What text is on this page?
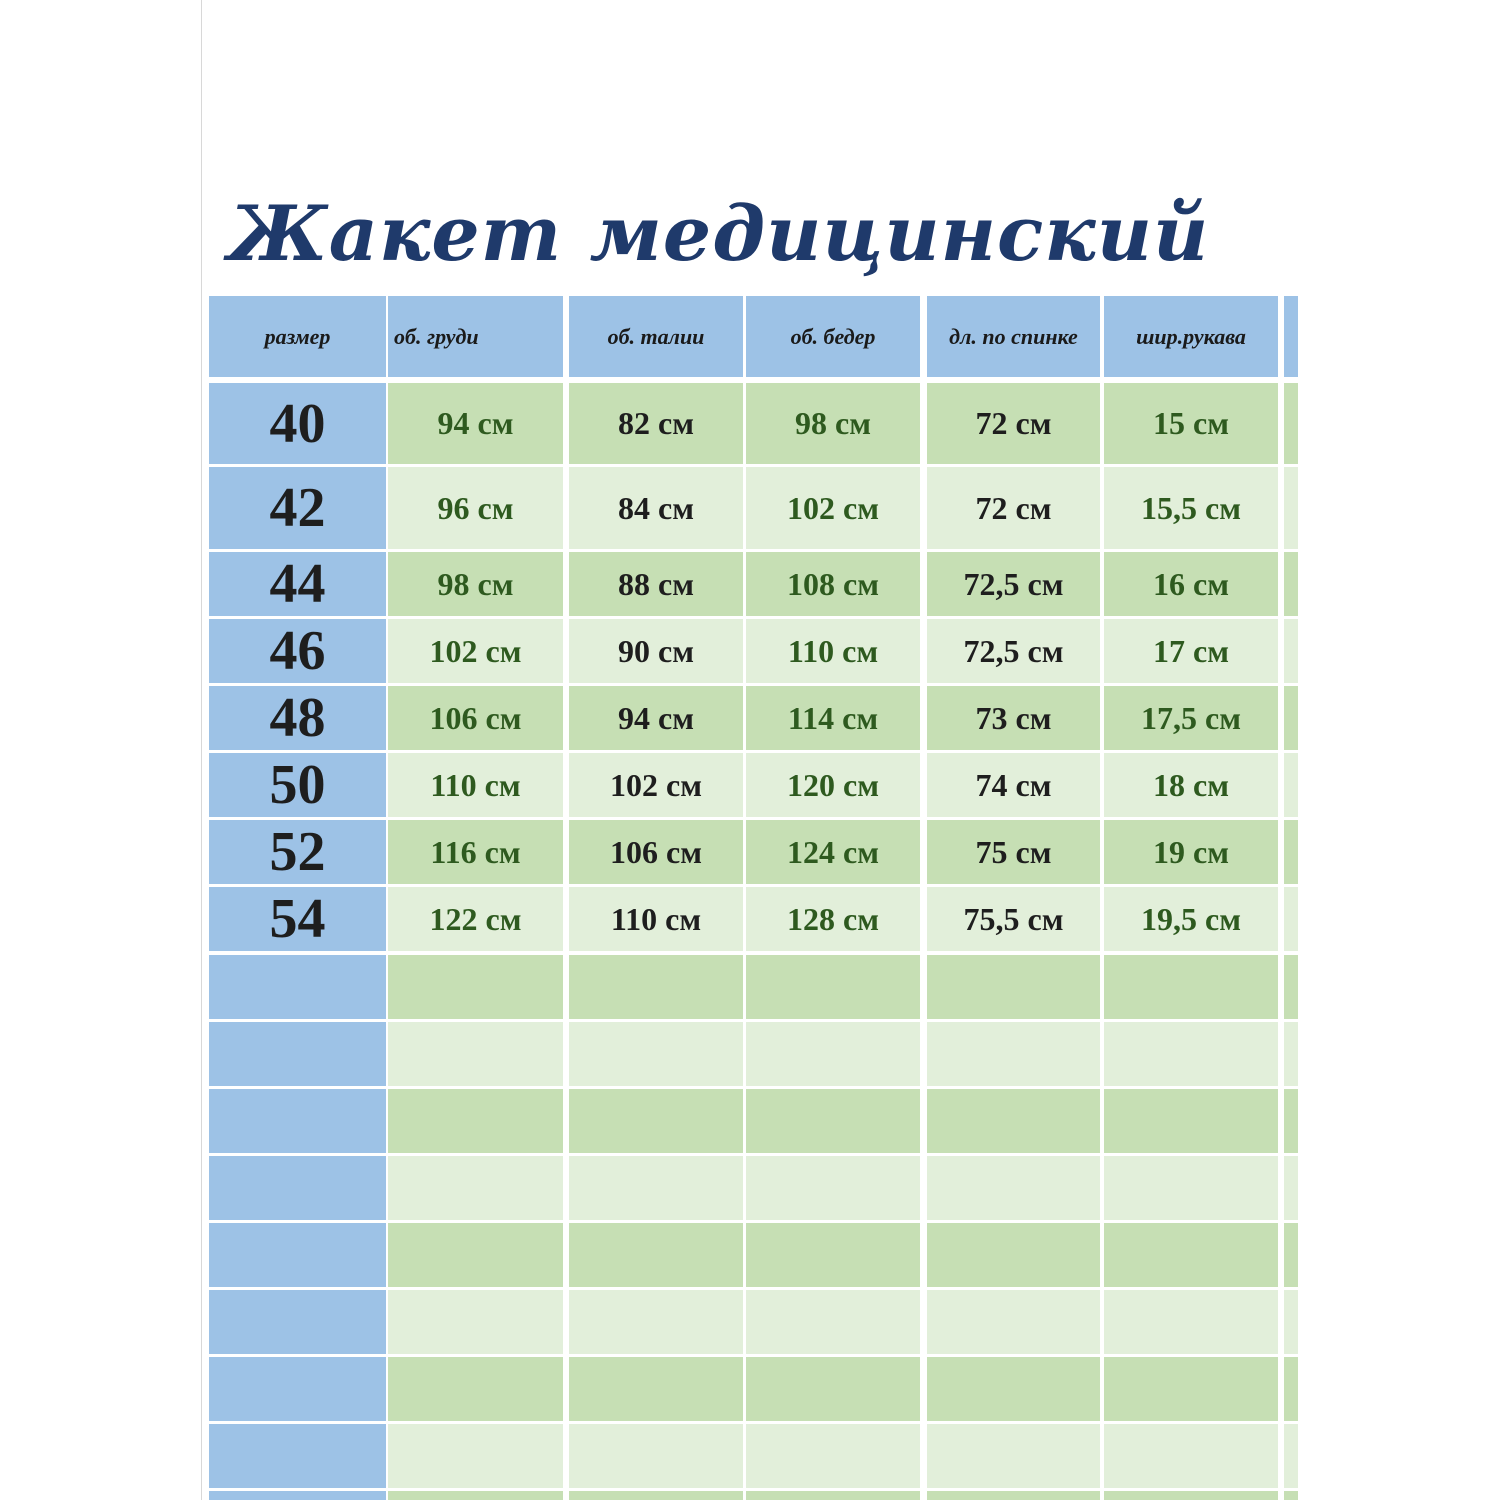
Жакет медицинский
размер	об. груди	об. талии	об. бедер	дл. по спинке	шир.рукава
40	94 см	82 см	98 см	72 см	15 см
42	96 см	84 см	102 см	72 см	15,5 см
44	98 см	88 см	108 см	72,5 см	16 см
46	102 см	90 см	110 см	72,5 см	17 см
48	106 см	94 см	114 см	73 см	17,5 см
50	110 см	102 см	120 см	74 см	18 см
52	116 см	106 см	124 см	75 см	19 см
54	122 см	110 см	128 см	75,5 см	19,5 см
